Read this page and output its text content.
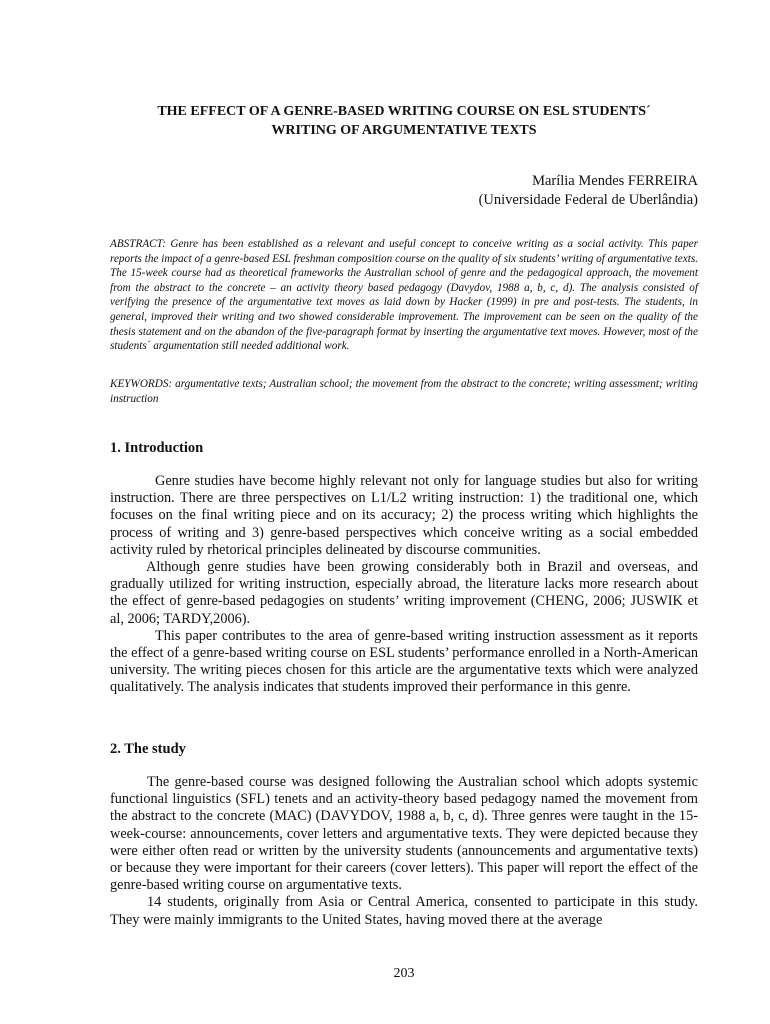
THE EFFECT OF A GENRE-BASED WRITING COURSE ON ESL STUDENTS´
WRITING OF ARGUMENTATIVE TEXTS
Marília Mendes FERREIRA
(Universidade Federal de Uberlândia)
ABSTRACT: Genre has been established as a relevant and useful concept to conceive writing as a social activity. This paper reports the impact of a genre-based ESL freshman composition course on the quality of six students’ writing of argumentative texts. The 15-week course had as theoretical frameworks the Australian school of genre and the pedagogical approach, the movement from the abstract to the concrete – an activity theory based pedagogy (Davydov, 1988 a, b, c, d). The analysis consisted of verifying the presence of the argumentative text moves as laid down by Hacker (1999) in pre and post-tests. The students, in general, improved their writing and two showed considerable improvement. The improvement can be seen on the quality of the thesis statement and on the abandon of the five-paragraph format by inserting the argumentative text moves. However, most of the students´ argumentation still needed additional work.
KEYWORDS: argumentative texts; Australian school; the movement from the abstract to the concrete; writing assessment; writing instruction
1. Introduction

Genre studies have become highly relevant not only for language studies but also for writing instruction. There are three perspectives on L1/L2 writing instruction: 1) the traditional one, which focuses on the final writing piece and on its accuracy; 2) the process writing which highlights the process of writing and 3) genre-based perspectives which conceive writing as a social embedded activity ruled by rhetorical principles delineated by discourse communities.

Although genre studies have been growing considerably both in Brazil and overseas, and gradually utilized for writing instruction, especially abroad, the literature lacks more research about the effect of genre-based pedagogies on students’ writing improvement (CHENG, 2006; JUSWIK et al, 2006; TARDY,2006).

This paper contributes to the area of genre-based writing instruction assessment as it reports the effect of a genre-based writing course on ESL students’ performance enrolled in a North-American university. The writing pieces chosen for this article are the argumentative texts which were analyzed qualitatively. The analysis indicates that students improved their performance in this genre.

2. The study

The genre-based course was designed following the Australian school which adopts systemic functional linguistics (SFL) tenets and an activity-theory based pedagogy named the movement from the abstract to the concrete (MAC) (DAVYDOV, 1988 a, b, c, d). Three genres were taught in the 15-week-course: announcements, cover letters and argumentative texts. They were depicted because they were either often read or written by the university students (announcements and argumentative texts) or because they were important for their careers (cover letters). This paper will report the effect of the genre-based writing course on argumentative texts.

14 students, originally from Asia or Central America, consented to participate in this study. They were mainly immigrants to the United States, having moved there at the average

203
